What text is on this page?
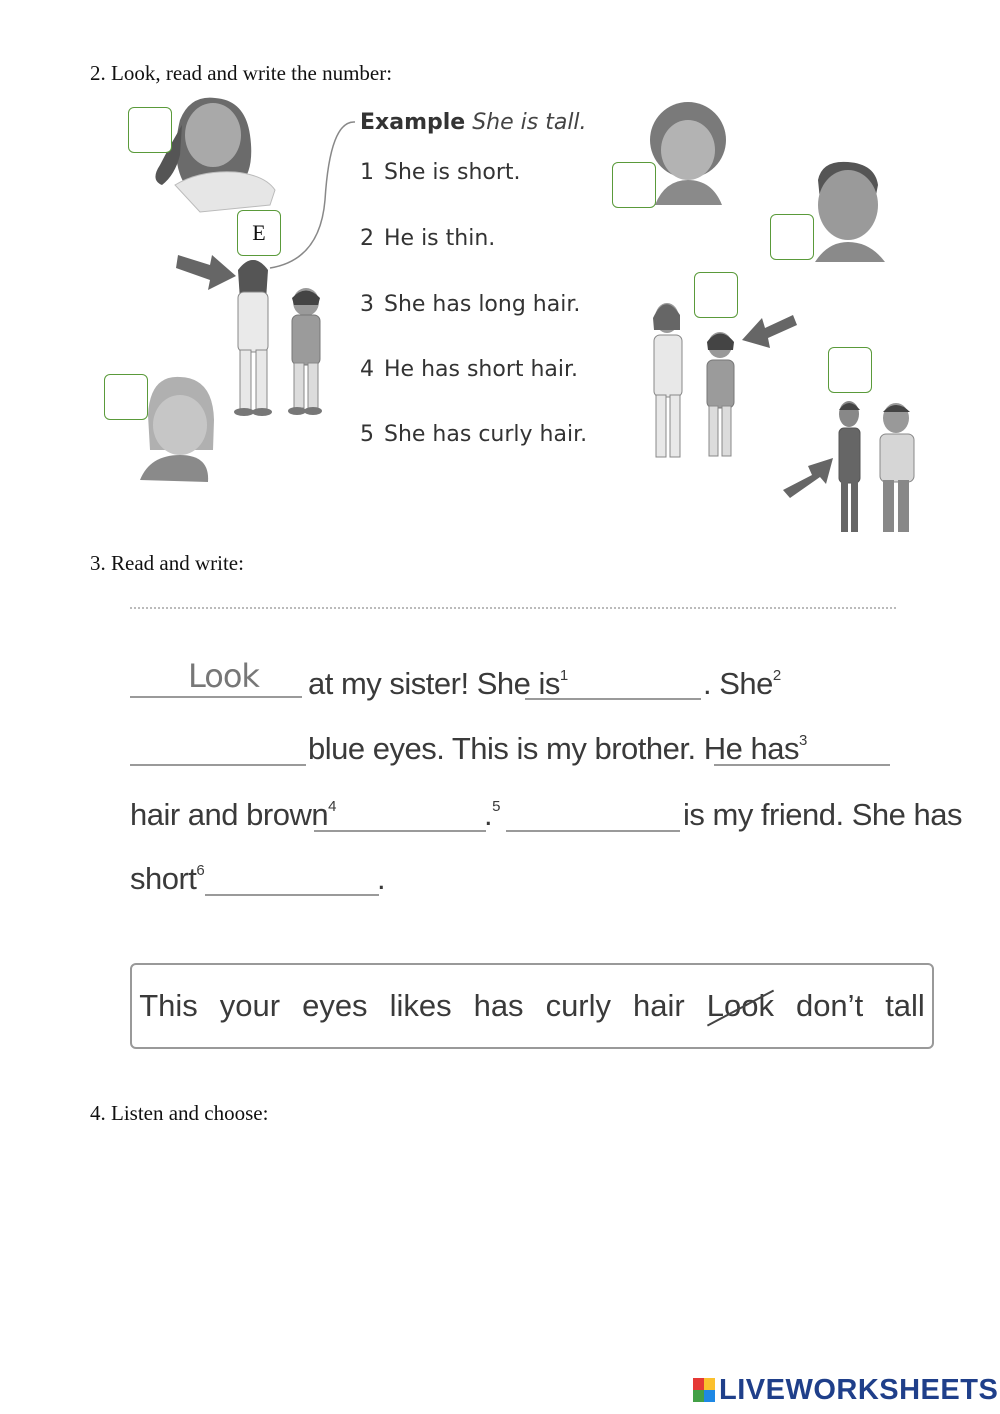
2. Look, read and write the number:
E
Example She is tall.
1 She is short.
2 He is thin.
3 She has long hair.
4 He has short hair.
5 She has curly hair.
3. Read and write:
Look at my sister! She $is^1$	. She$^2$
blue eyes. This is my brother. He has$^3$
hair and brown$^4$	.$^5$	is my friend. She has
short$^6$	.
This your eyes likes has curly hair Look don’t tall
4. Listen and choose:
LIVEWORKSHEETS
